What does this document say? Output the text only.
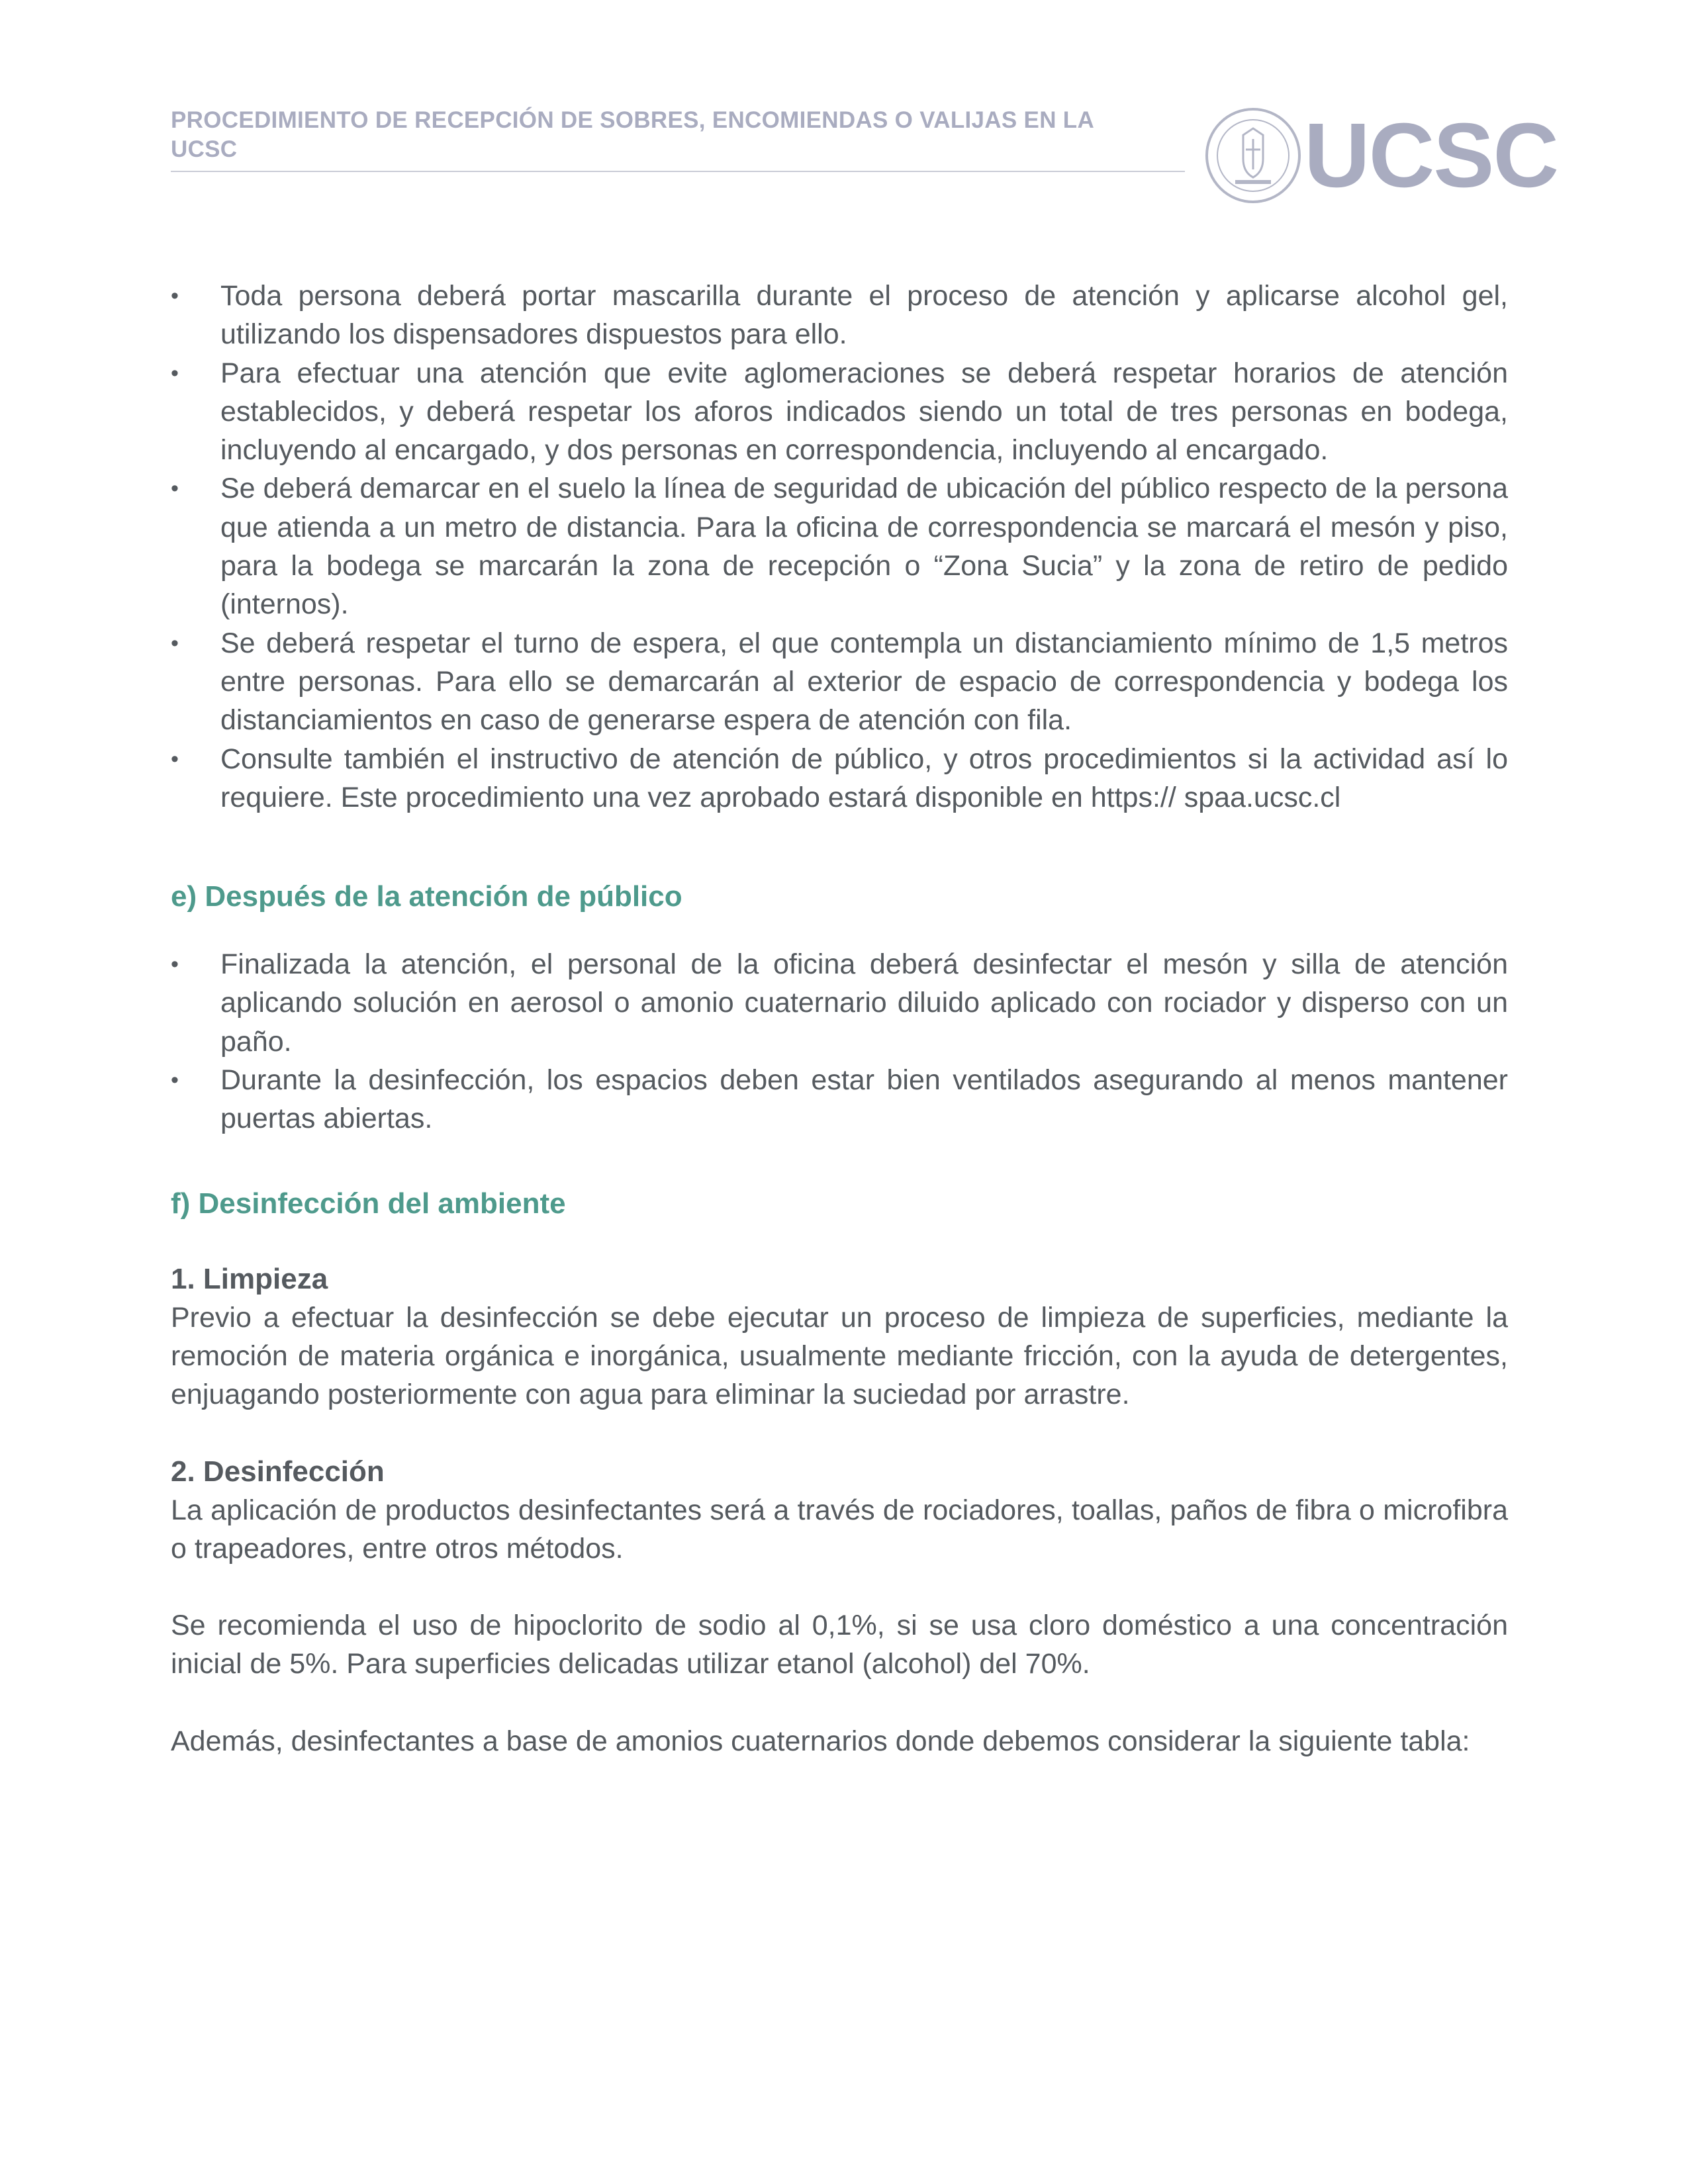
PROCEDIMIENTO DE RECEPCIÓN DE SOBRES, ENCOMIENDAS O VALIJAS EN LA UCSC	UCSC
• Toda persona deberá portar mascarilla durante el proceso de atención y aplicarse alcohol gel, utilizando los dispensadores dispuestos para ello.
• Para efectuar una atención que evite aglomeraciones se deberá respetar horarios de atención establecidos, y deberá respetar los aforos indicados siendo un total de tres personas en bodega, incluyendo al encargado, y dos personas en correspondencia, incluyendo al encargado.
• Se deberá demarcar en el suelo la línea de seguridad de ubicación del público respecto de la persona que atienda a un metro de distancia. Para la oficina de correspondencia se marcará el mesón y piso, para la bodega se marcarán la zona de recepción o “Zona Sucia” y la zona de retiro de pedido (internos).
• Se deberá respetar el turno de espera, el que contempla un distanciamiento mínimo de 1,5 metros entre personas. Para ello se demarcarán al exterior de espacio de correspondencia y bodega los distanciamientos en caso de generarse espera de atención con fila.
• Consulte también el instructivo de atención de público, y otros procedimientos si la actividad así lo requiere. Este procedimiento una vez aprobado estará disponible en https:// spaa.ucsc.cl
e) Después de la atención de público
• Finalizada la atención, el personal de la oficina deberá desinfectar el mesón y silla de atención aplicando solución en aerosol o amonio cuaternario diluido aplicado con rociador y disperso con un paño.
• Durante la desinfección, los espacios deben estar bien ventilados asegurando al menos mantener puertas abiertas.
f) Desinfección del ambiente
1. Limpieza

Previo a efectuar la desinfección se debe ejecutar un proceso de limpieza de superficies, mediante la remoción de materia orgánica e inorgánica, usualmente mediante fricción, con la ayuda de detergentes, enjuagando posteriormente con agua para eliminar la suciedad por arrastre.

2. Desinfección

La aplicación de productos desinfectantes será a través de rociadores, toallas, paños de fibra o microfibra o trapeadores, entre otros métodos.

Se recomienda el uso de hipoclorito de sodio al 0,1%, si se usa cloro doméstico a una concentración inicial de 5%. Para superficies delicadas utilizar etanol (alcohol) del 70%.

Además, desinfectantes a base de amonios cuaternarios donde debemos considerar la siguiente tabla:
